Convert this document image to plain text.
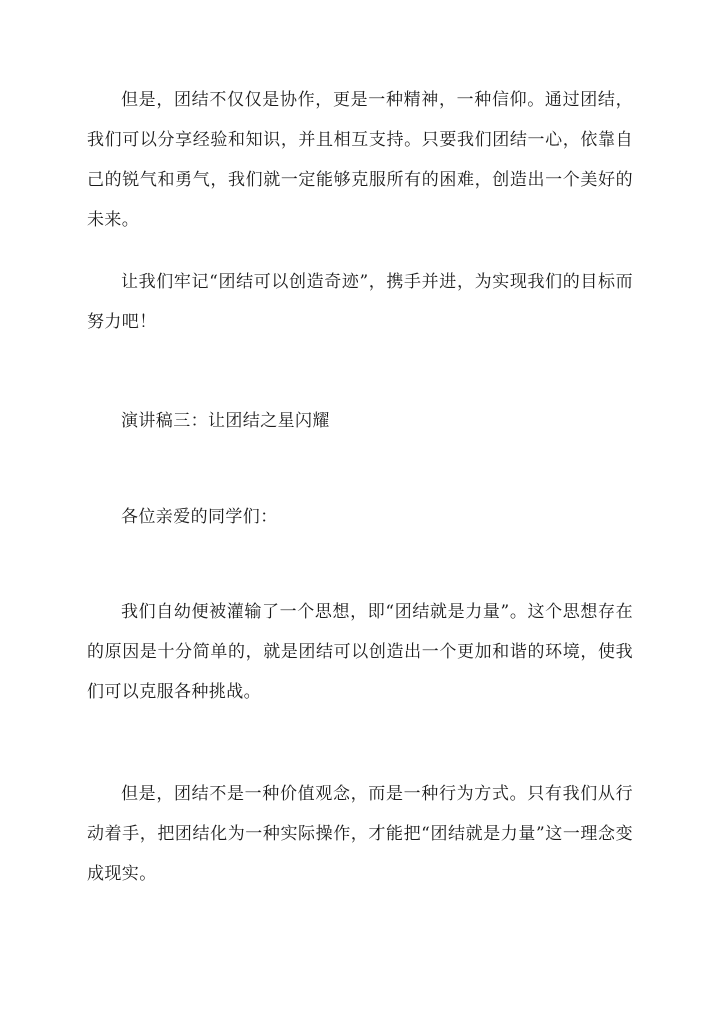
但是，团结不仅仅是协作，更是一种精神，一种信仰。通过团结，我们可以分享经验和知识，并且相互支持。只要我们团结一心，依靠自己的锐气和勇气，我们就一定能够克服所有的困难，创造出一个美好的未来。

让我们牢记“团结可以创造奇迹”，携手并进，为实现我们的目标而努力吧！

演讲稿三：让团结之星闪耀

各位亲爱的同学们：

我们自幼便被灌输了一个思想，即“团结就是力量”。这个思想存在的原因是十分简单的，就是团结可以创造出一个更加和谐的环境，使我们可以克服各种挑战。

但是，团结不是一种价值观念，而是一种行为方式。只有我们从行动着手，把团结化为一种实际操作，才能把“团结就是力量”这一理念变成现实。
